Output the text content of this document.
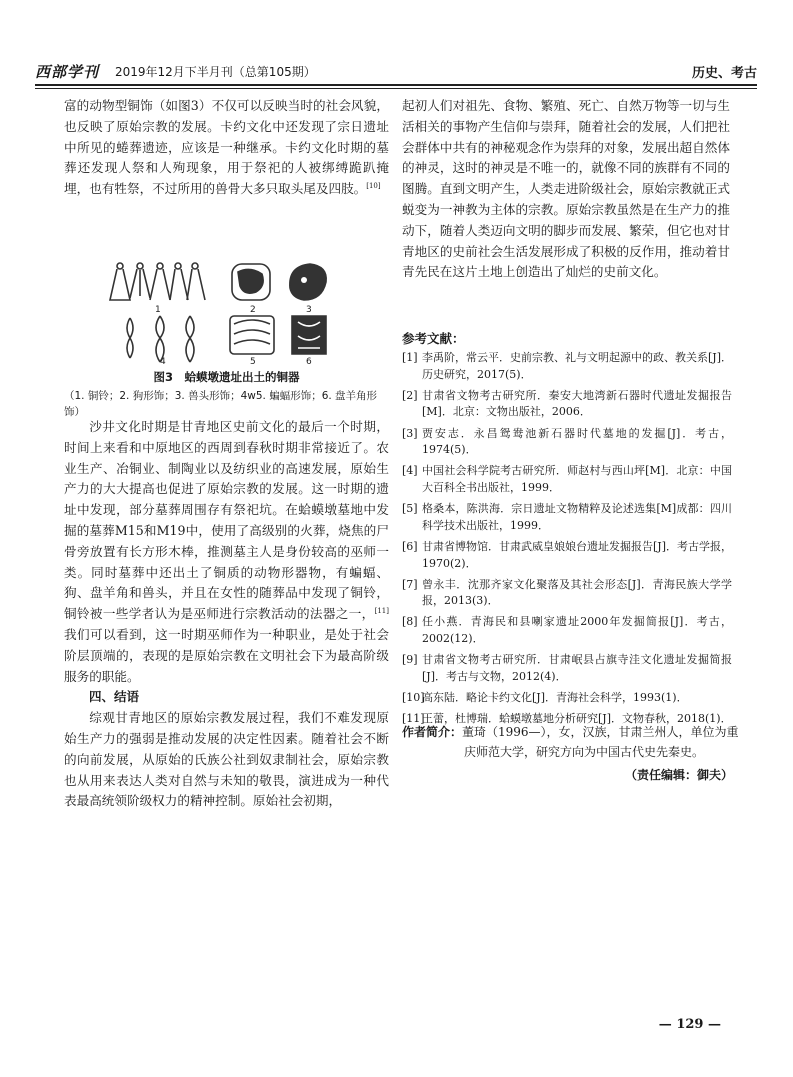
西部学刊 2019年12月下半月刊（总第105期）	历史、考古

富的动物型铜饰（如图3）不仅可以反映当时的社会风貌，也反映了原始宗教的发展。卡约文化中还发现了宗日遗址中所见的蜷葬遗迹，应该是一种继承。卡约文化时期的墓葬还发现人祭和人殉现象，用于祭祀的人被绑缚跪趴掩埋，也有牲祭，不过所用的兽骨大多只取头尾及四肢。[10]

1	2	3
4	5	6
图3　蛤蟆墩遗址出土的铜器
（1. 铜铃；2. 狗形饰；3. 兽头形饰；4w5. 蝙蝠形饰；6. 盘羊角形饰）

沙井文化时期是甘青地区史前文化的最后一个时期，时间上来看和中原地区的西周到春秋时期非常接近了。农业生产、冶铜业、制陶业以及纺织业的高速发展，原始生产力的大大提高也促进了原始宗教的发展。这一时期的遗址中发现，部分墓葬周围存有祭祀坑。在蛤蟆墩墓地中发掘的墓葬M15和M19中，使用了高级别的火葬，烧焦的尸骨旁放置有长方形木棒，推测墓主人是身份较高的巫师一类。同时墓葬中还出土了铜质的动物形器物，有蝙蝠、狗、盘羊角和兽头，并且在女性的随葬品中发现了铜铃，铜铃被一些学者认为是巫师进行宗教活动的法器之一，[11]我们可以看到，这一时期巫师作为一种职业，是处于社会阶层顶端的，表现的是原始宗教在文明社会下为最高阶级服务的职能。

四、结语

综观甘青地区的原始宗教发展过程，我们不难发现原始生产力的强弱是推动发展的决定性因素。随着社会不断的向前发展，从原始的氏族公社到奴隶制社会，原始宗教也从用来表达人类对自然与未知的敬畏，演进成为一种代表最高统领阶级权力的精神控制。原始社会初期，

起初人们对祖先、食物、繁殖、死亡、自然万物等一切与生活相关的事物产生信仰与崇拜，随着社会的发展，人们把社会群体中共有的神秘观念作为崇拜的对象，发展出超自然体的神灵，这时的神灵是不唯一的，就像不同的族群有不同的图腾。直到文明产生，人类走进阶级社会，原始宗教就正式蜕变为一神教为主体的宗教。原始宗教虽然是在生产力的推动下，随着人类迈向文明的脚步而发展、繁荣，但它也对甘青地区的史前社会生活发展形成了积极的反作用，推动着甘青先民在这片土地上创造出了灿烂的史前文化。

参考文献：

[1] 李禹阶，常云平．史前宗教、礼与文明起源中的政、教关系[J]．历史研究，2017(5)．

[2] 甘肃省文物考古研究所．秦安大地湾新石器时代遗址发掘报告[M]．北京：文物出版社，2006．

[3] 贾安志．永昌鸳鸯池新石器时代墓地的发掘[J]．考古，1974(5)．

[4] 中国社会科学院考古研究所．师赵村与西山坪[M]．北京：中国大百科全书出版社，1999．

[5] 格桑本，陈洪海．宗日遗址文物精粹及论述选集[M]成都：四川科学技术出版社，1999．

[6] 甘肃省博物馆．甘肃武威皇娘娘台遗址发掘报告[J]．考古学报，1970(2)．

[7] 曾永丰．沈那齐家文化聚落及其社会形态[J]．青海民族大学学报，2013(3)．

[8] 任小燕．青海民和县喇家遗址2000年发掘简报[J]．考古，2002(12)．

[9] 甘肃省文物考古研究所．甘肃岷县占旗寺洼文化遗址发掘简报[J]．考古与文物，2012(4)．

[10]
高东陆．略论卡约文化[J]．青海社会科学，1993(1)．

[11]
王蕾，杜博瑞．蛤蟆墩墓地分析研究[J]．文物春秋，2018(1)．

作者简介：董琦（1996—），女，汉族，甘肃兰州人，单位为重
庆师范大学，研究方向为中国古代史先秦史。
（责任编辑：御夫）
— 129 —
